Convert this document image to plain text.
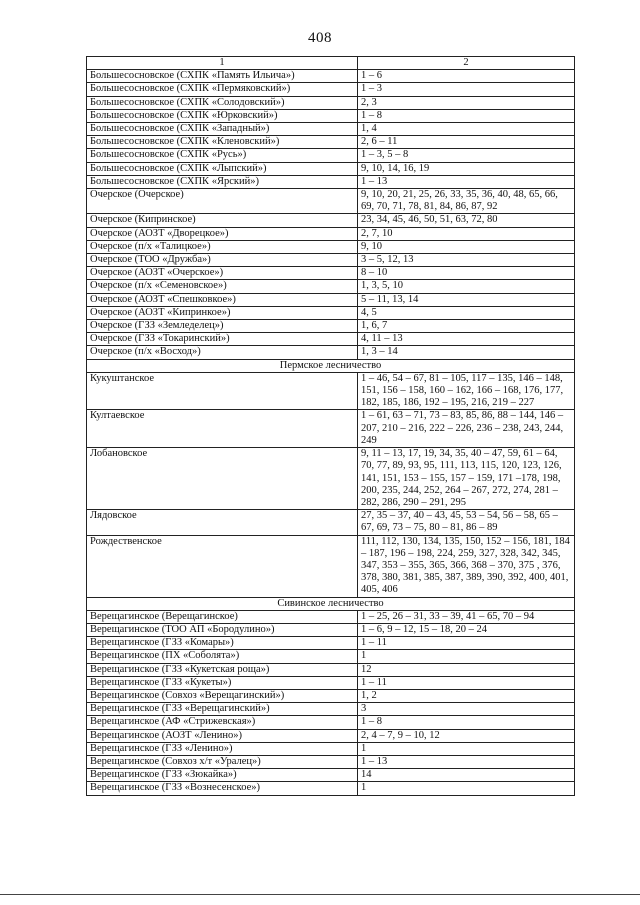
408
1	2
Большесосновское (СХПК «Память Ильича»)	1 – 6
Большесосновское (СХПК «Пермяковский»)	1 – 3
Большесосновское (СХПК «Солодовский»)	2, 3
Большесосновское (СХПК «Юрковский»)	1 – 8
Большесосновское (СХПК «Западный»)	1, 4
Большесосновское (СХПК «Кленовский»)	2, 6 – 11
Большесосновское (СХПК «Русь»)	1 – 3, 5 – 8
Большесосновское (СХПК «Лыпский»)	9, 10, 14, 16, 19
Большесосновское (СХПК «Ярский»)	1 – 13
Очерское (Очерское)	9, 10, 20, 21, 25, 26, 33, 35, 36, 40, 48, 65, 66, 69, 70, 71, 78, 81, 84, 86, 87, 92
Очерское (Кипринское)	23, 34, 45, 46, 50, 51, 63, 72, 80
Очерское (АОЗТ «Дворецкое»)	2, 7, 10
Очерское (п/х «Талицкое»)	9, 10
Очерское (ТОО «Дружба»)	3 – 5, 12, 13
Очерское (АОЗТ «Очерское»)	8 – 10
Очерское (п/х «Семеновское»)	1, 3, 5, 10
Очерское (АОЗТ «Спешковкое»)	5 – 11, 13, 14
Очерское (АОЗТ «Кипринкое»)	4, 5
Очерское (ГЗЗ «Земледелец»)	1, 6, 7
Очерское (ГЗЗ «Токаринский»)	4, 11 – 13
Очерское (п/х «Восход»)	1, 3 – 14
Пермское лесничество	
Кукуштанское	1 – 46, 54 – 67, 81 – 105, 117 – 135, 146 – 148, 151, 156 – 158, 160 – 162, 166 – 168, 176, 177, 182, 185, 186, 192 – 195, 216, 219 – 227
Култаевское	1 – 61, 63 – 71, 73 – 83, 85, 86, 88 – 144, 146 – 207, 210 – 216, 222 – 226, 236 – 238, 243, 244, 249
Лобановское	9, 11 – 13, 17, 19, 34, 35, 40 – 47, 59, 61 – 64, 70, 77, 89, 93, 95, 111, 113, 115, 120, 123, 126, 141, 151, 153 – 155, 157 – 159, 171 –178, 198, 200, 235, 244, 252, 264 – 267, 272, 274, 281 – 282, 286, 290 – 291, 295
Лядовское	27, 35 – 37, 40 – 43, 45, 53 – 54, 56 – 58, 65 – 67, 69, 73 – 75, 80 – 81, 86 – 89
Рождественское	111, 112, 130, 134, 135, 150, 152 – 156, 181, 184 – 187, 196 – 198, 224, 259, 327, 328, 342, 345, 347, 353 – 355, 365, 366, 368 – 370, 375 , 376, 378, 380, 381, 385, 387, 389, 390, 392, 400, 401, 405, 406
Сивинское лесничество	
Верещагинское (Верещагинское)	1 – 25, 26 – 31, 33 – 39, 41 – 65, 70 – 94
Верещагинское (ТОО АП «Бородулино»)	1 – 6, 9 – 12, 15 – 18, 20 – 24
Верещагинское (ГЗЗ «Комары»)	1 – 11
Верещагинское (ПХ «Соболята»)	1
Верещагинское (ГЗЗ «Кукетская роща»)	12
Верещагинское (ГЗЗ «Кукеты»)	1 – 11
Верещагинское (Совхоз «Верещагинский»)	1, 2
Верещагинское (ГЗЗ «Верещагинский»)	3
Верещагинское (АФ «Стрижевская»)	1 – 8
Верещагинское (АОЗТ «Ленино»)	2, 4 – 7, 9 – 10, 12
Верещагинское (ГЗЗ «Ленино»)	1
Верещагинское (Совхоз х/т «Уралец»)	1 – 13
Верещагинское (ГЗЗ «Зюкайка»)	14
Верещагинское (ГЗЗ «Вознесенское»)	1
